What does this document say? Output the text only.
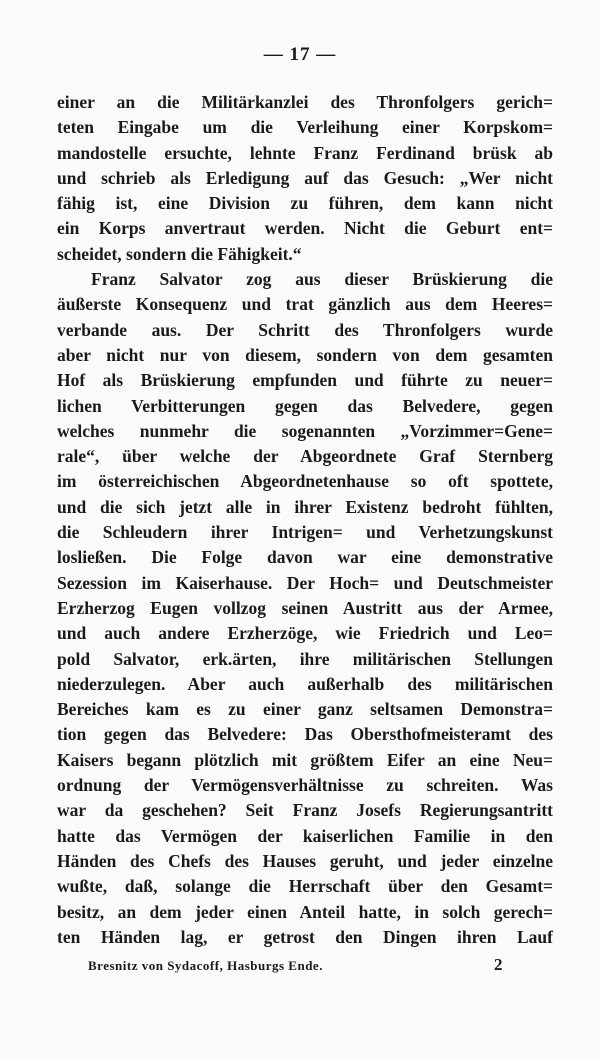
— 17 —
einer an die Militärkanzlei des Thronfolgers gerich=
teten Eingabe um die Verleihung einer Korpskom=
mandostelle ersuchte, lehnte Franz Ferdinand brüsk ab
und schrieb als Erledigung auf das Gesuch: „Wer nicht
fähig ist, eine Division zu führen, dem kann nicht
ein Korps anvertraut werden. Nicht die Geburt ent=
scheidet, sondern die Fähigkeit.“
Franz Salvator zog aus dieser Brüskierung die
äußerste Konsequenz und trat gänzlich aus dem Heeres=
verbande aus. Der Schritt des Thronfolgers wurde
aber nicht nur von diesem, sondern von dem gesamten
Hof als Brüskierung empfunden und führte zu neuer=
lichen Verbitterungen gegen das Belvedere, gegen
welches nunmehr die sogenannten „Vorzimmer=Gene=
rale“, über welche der Abgeordnete Graf Sternberg
im österreichischen Abgeordnetenhause so oft spottete,
und die sich jetzt alle in ihrer Existenz bedroht fühlten,
die Schleudern ihrer Intrigen= und Verhetzungskunst
losließen. Die Folge davon war eine demonstrative
Sezession im Kaiserhause. Der Hoch= und Deutschmeister
Erzherzog Eugen vollzog seinen Austritt aus der Armee,
und auch andere Erzherzöge, wie Friedrich und Leo=
pold Salvator, erk.ärten, ihre militärischen Stellungen
niederzulegen. Aber auch außerhalb des militärischen
Bereiches kam es zu einer ganz seltsamen Demonstra=
tion gegen das Belvedere: Das Obersthofmeisteramt des
Kaisers begann plötzlich mit größtem Eifer an eine Neu=
ordnung der Vermögensverhältnisse zu schreiten. Was
war da geschehen? Seit Franz Josefs Regierungsantritt
hatte das Vermögen der kaiserlichen Familie in den
Händen des Chefs des Hauses geruht, und jeder einzelne
wußte, daß, solange die Herrschaft über den Gesamt=
besitz, an dem jeder einen Anteil hatte, in solch gerech=
ten Händen lag, er getrost den Dingen ihren Lauf
Bresnitz von Sydacoff, Hasburgs Ende.	2
